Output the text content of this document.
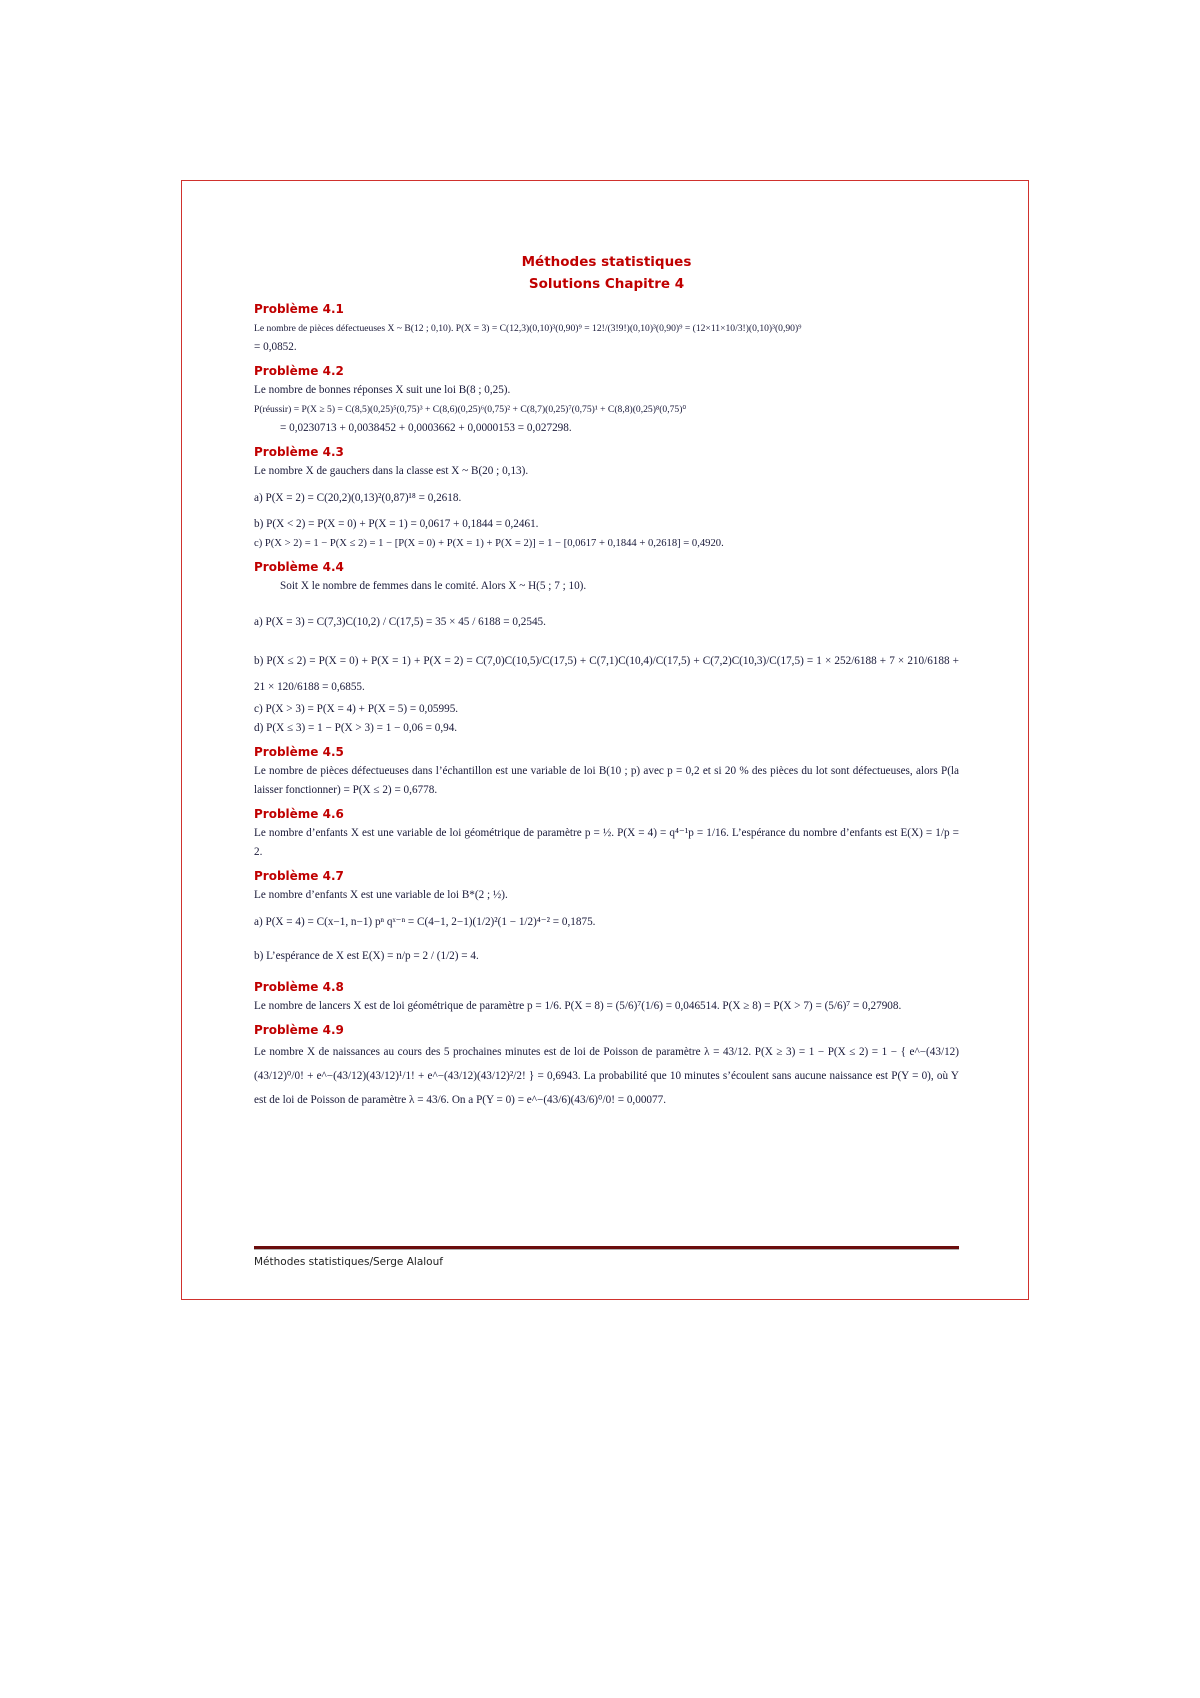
Méthodes statistiques
Solutions Chapitre 4
Problème 4.1
Le nombre de pièces défectueuses X ~ B(12 ; 0,10). P(X = 3) = C(12,3)(0,10)³(0,90)⁹ = 12!/(3!9!)(0,10)³(0,90)⁹ = (12×11×10/3!)(0,10)³(0,90)⁹
= 0,0852.
Problème 4.2
Le nombre de bonnes réponses X suit une loi B(8 ; 0,25).
P(réussir) = P(X ≥ 5) = C(8,5)(0,25)⁵(0,75)³ + C(8,6)(0,25)⁶(0,75)² + C(8,7)(0,25)⁷(0,75)¹ + C(8,8)(0,25)⁸(0,75)⁰
= 0,0230713 + 0,0038452 + 0,0003662 + 0,0000153 = 0,027298.
Problème 4.3
Le nombre X de gauchers dans la classe est X ~ B(20 ; 0,13).
a) P(X = 2) = C(20,2)(0,13)²(0,87)¹⁸ = 0,2618.
b) P(X < 2) = P(X = 0) + P(X = 1) = 0,0617 + 0,1844 = 0,2461.
c) P(X > 2) = 1 − P(X ≤ 2) = 1 − [P(X = 0) + P(X = 1) + P(X = 2)] = 1 − [0,0617 + 0,1844 + 0,2618] = 0,4920.
Problème 4.4
Soit X le nombre de femmes dans le comité. Alors X ~ H(5 ; 7 ; 10).
a) P(X = 3) = C(7,3)C(10,2) / C(17,5) = 35 × 45 / 6188 = 0,2545.
b) P(X ≤ 2) = P(X = 0) + P(X = 1) + P(X = 2) = C(7,0)C(10,5)/C(17,5) + C(7,1)C(10,4)/C(17,5) + C(7,2)C(10,3)/C(17,5) = 1 × 252/6188 + 7 × 210/6188 + 21 × 120/6188 = 0,6855.
c) P(X > 3) = P(X = 4) + P(X = 5) = 0,05995.
d) P(X ≤ 3) = 1 − P(X > 3) = 1 − 0,06 = 0,94.
Problème 4.5
Le nombre de pièces défectueuses dans l’échantillon est une variable de loi B(10 ; p) avec p = 0,2 et si 20 % des pièces du lot sont défectueuses, alors P(la laisser fonctionner) = P(X ≤ 2) = 0,6778.
Problème 4.6
Le nombre d’enfants X est une variable de loi géométrique de paramètre p = ½. P(X = 4) = q⁴⁻¹p = 1/16. L’espérance du nombre d’enfants est E(X) = 1/p = 2.
Problème 4.7
Le nombre d’enfants X est une variable de loi B*(2 ; ½).
a) P(X = 4) = C(x−1, n−1) pⁿ qˣ⁻ⁿ = C(4−1, 2−1)(1/2)²(1 − 1/2)⁴⁻² = 0,1875.
b) L’espérance de X est E(X) = n/p = 2 / (1/2) = 4.
Problème 4.8
Le nombre de lancers X est de loi géométrique de paramètre p = 1/6. P(X = 8) = (5/6)⁷(1/6) = 0,046514. P(X ≥ 8) = P(X > 7) = (5/6)⁷ = 0,27908.
Problème 4.9
Le nombre X de naissances au cours des 5 prochaines minutes est de loi de Poisson de paramètre λ = 43/12. P(X ≥ 3) = 1 − P(X ≤ 2) = 1 − { e^−(43/12)(43/12)⁰/0! + e^−(43/12)(43/12)¹/1! + e^−(43/12)(43/12)²/2! } = 0,6943. La probabilité que 10 minutes s’écoulent sans aucune naissance est P(Y = 0), où Y est de loi de Poisson de paramètre λ = 43/6. On a P(Y = 0) = e^−(43/6)(43/6)⁰/0! = 0,00077.
Méthodes statistiques/Serge Alalouf
